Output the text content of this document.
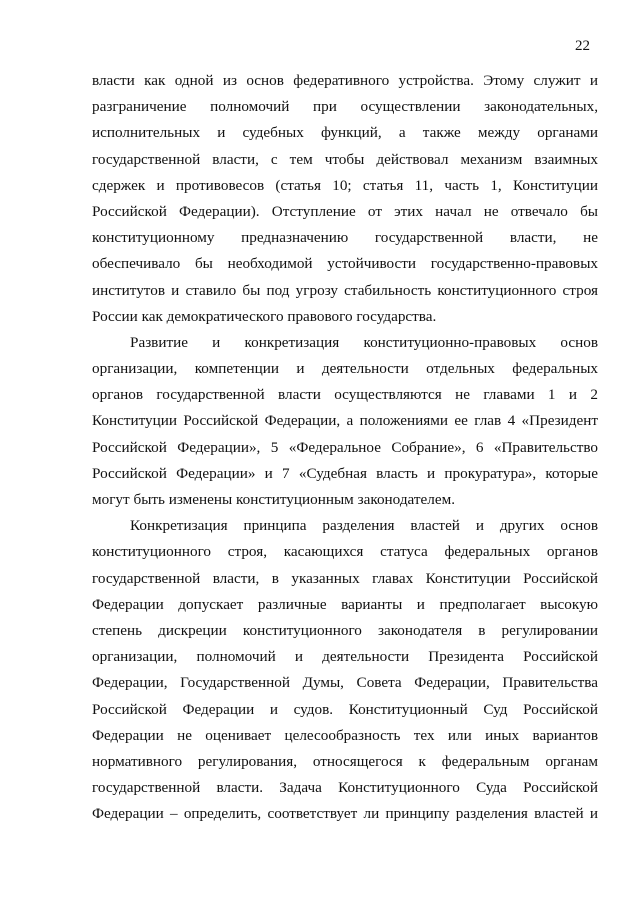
22
власти как одной из основ федеративного устройства. Этому служит и
разграничение полномочий при осуществлении законодательных,
исполнительных и судебных функций, а также между органами
государственной власти, с тем чтобы действовал механизм взаимных
сдержек и противовесов (статья 10; статья 11, часть 1, Конституции
Российской Федерации). Отступление от этих начал не отвечало бы
конституционному предназначению государственной власти, не
обеспечивало бы необходимой устойчивости государственно-правовых
институтов и ставило бы под угрозу стабильность конституционного строя
России как демократического правового государства.
Развитие и конкретизация конституционно-правовых основ
организации, компетенции и деятельности отдельных федеральных
органов государственной власти осуществляются не главами 1 и 2
Конституции Российской Федерации, а положениями ее глав 4 «Президент
Российской Федерации», 5 «Федеральное Собрание», 6 «Правительство
Российской Федерации» и 7 «Судебная власть и прокуратура», которые
могут быть изменены конституционным законодателем.
Конкретизация принципа разделения властей и других основ
конституционного строя, касающихся статуса федеральных органов
государственной власти, в указанных главах Конституции Российской
Федерации допускает различные варианты и предполагает высокую
степень дискреции конституционного законодателя в регулировании
организации, полномочий и деятельности Президента Российской
Федерации, Государственной Думы, Совета Федерации, Правительства
Российской Федерации и судов. Конституционный Суд Российской
Федерации не оценивает целесообразность тех или иных вариантов
нормативного регулирования, относящегося к федеральным органам
государственной власти. Задача Конституционного Суда Российской
Федерации – определить, соответствует ли принципу разделения властей и
